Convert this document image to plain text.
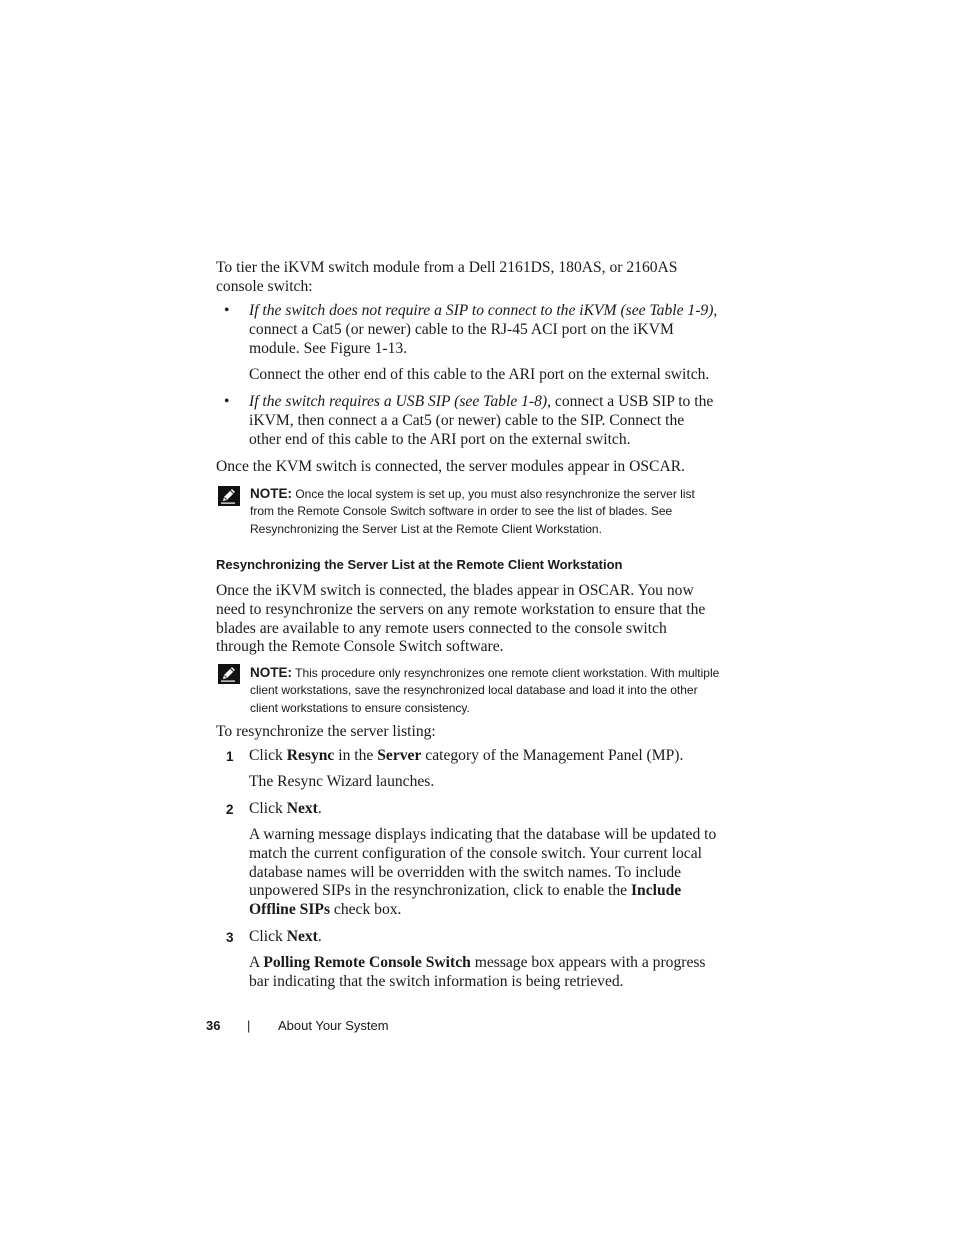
To tier the iKVM switch module from a Dell 2161DS, 180AS, or 2160AS console switch:
• If the switch does not require a SIP to connect to the iKVM (see Table 1-9), connect a Cat5 (or newer) cable to the RJ-45 ACI port on the iKVM module. See Figure 1-13.
Connect the other end of this cable to the ARI port on the external switch.
• If the switch requires a USB SIP (see Table 1-8), connect a USB SIP to the iKVM, then connect a a Cat5 (or newer) cable to the SIP. Connect the other end of this cable to the ARI port on the external switch.
Once the KVM switch is connected, the server modules appear in OSCAR.
NOTE: Once the local system is set up, you must also resynchronize the server list from the Remote Console Switch software in order to see the list of blades. See Resynchronizing the Server List at the Remote Client Workstation.
Resynchronizing the Server List at the Remote Client Workstation
Once the iKVM switch is connected, the blades appear in OSCAR. You now need to resynchronize the servers on any remote workstation to ensure that the blades are available to any remote users connected to the console switch through the Remote Console Switch software.
NOTE: This procedure only resynchronizes one remote client workstation. With multiple client workstations, save the resynchronized local database and load it into the other client workstations to ensure consistency.
To resynchronize the server listing:
1 Click Resync in the Server category of the Management Panel (MP).
The Resync Wizard launches.
2 Click Next.
A warning message displays indicating that the database will be updated to match the current configuration of the console switch. Your current local database names will be overridden with the switch names. To include unpowered SIPs in the resynchronization, click to enable the Include Offline SIPs check box.
3 Click Next.
A Polling Remote Console Switch message box appears with a progress bar indicating that the switch information is being retrieved.
36 | About Your System
